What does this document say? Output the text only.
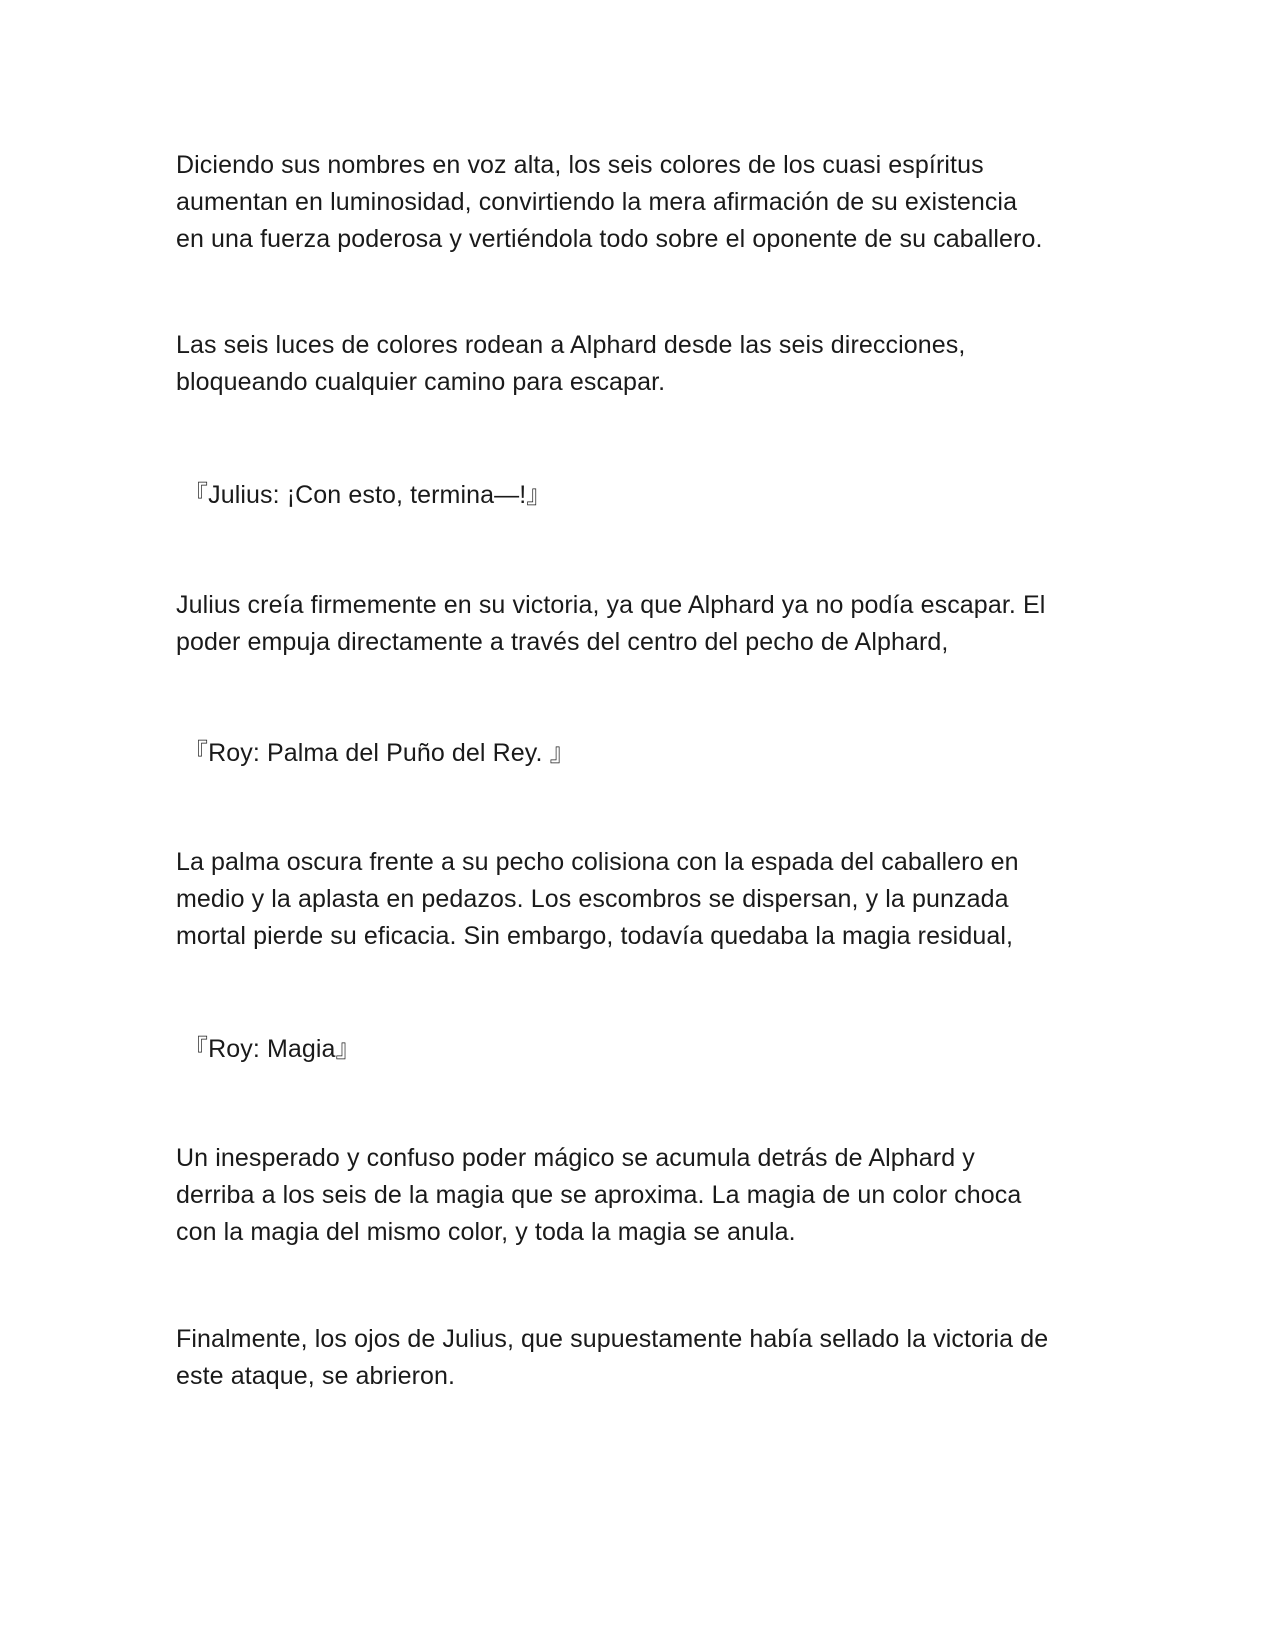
Diciendo sus nombres en voz alta, los seis colores de los cuasi espíritus

aumentan en luminosidad, convirtiendo la mera afirmación de su existencia

en una fuerza poderosa y vertiéndola todo sobre el oponente de su caballero.

Las seis luces de colores rodean a Alphard desde las seis direcciones,

bloqueando cualquier camino para escapar.

『Julius: ¡Con esto, termina—!』

Julius creía firmemente en su victoria, ya que Alphard ya no podía escapar. El

poder empuja directamente a través del centro del pecho de Alphard,

『Roy: Palma del Puño del Rey. 』

La palma oscura frente a su pecho colisiona con la espada del caballero en

medio y la aplasta en pedazos. Los escombros se dispersan, y la punzada

mortal pierde su eficacia. Sin embargo, todavía quedaba la magia residual,

『Roy: Magia』

Un inesperado y confuso poder mágico se acumula detrás de Alphard y

derriba a los seis de la magia que se aproxima. La magia de un color choca

con la magia del mismo color, y toda la magia se anula.

Finalmente, los ojos de Julius, que supuestamente había sellado la victoria de

este ataque, se abrieron.
